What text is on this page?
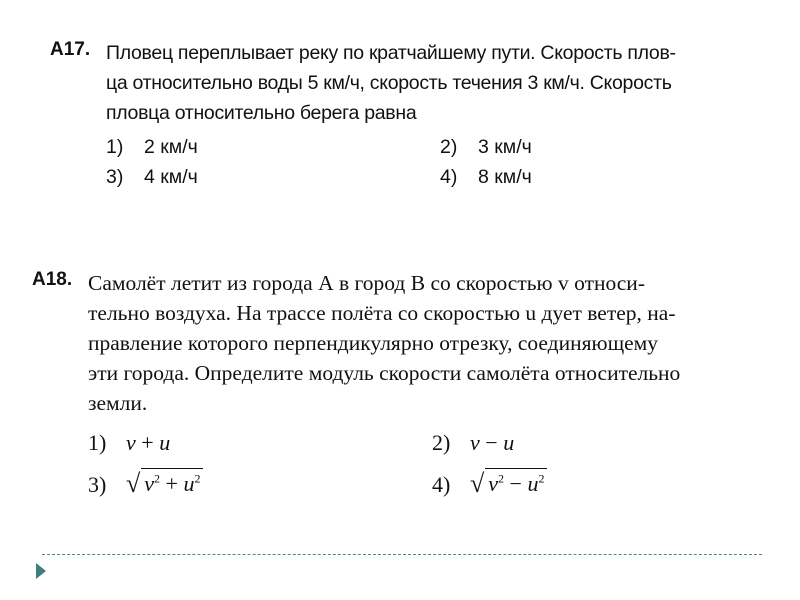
A17. Пловец переплывает реку по кратчайшему пути. Скорость плов-
ца относительно воды 5 км/ч, скорость течения 3 км/ч. Скорость
пловца относительно берега равна
1) 2 км/ч	2) 3 км/ч
3) 4 км/ч	4) 8 км/ч
A18. Самолёт летит из города А в город В со скоростью v относи-
тельно воздуха. На трассе полёта со скоростью u дует ветер, на-
правление которого перпендикулярно отрезку, соединяющему
эти города. Определите модуль скорости самолёта относительно
земли.
1) v + u	2) v − u
3) √ $v^2 + u^2$	4) √ $v^2 - u^2$
